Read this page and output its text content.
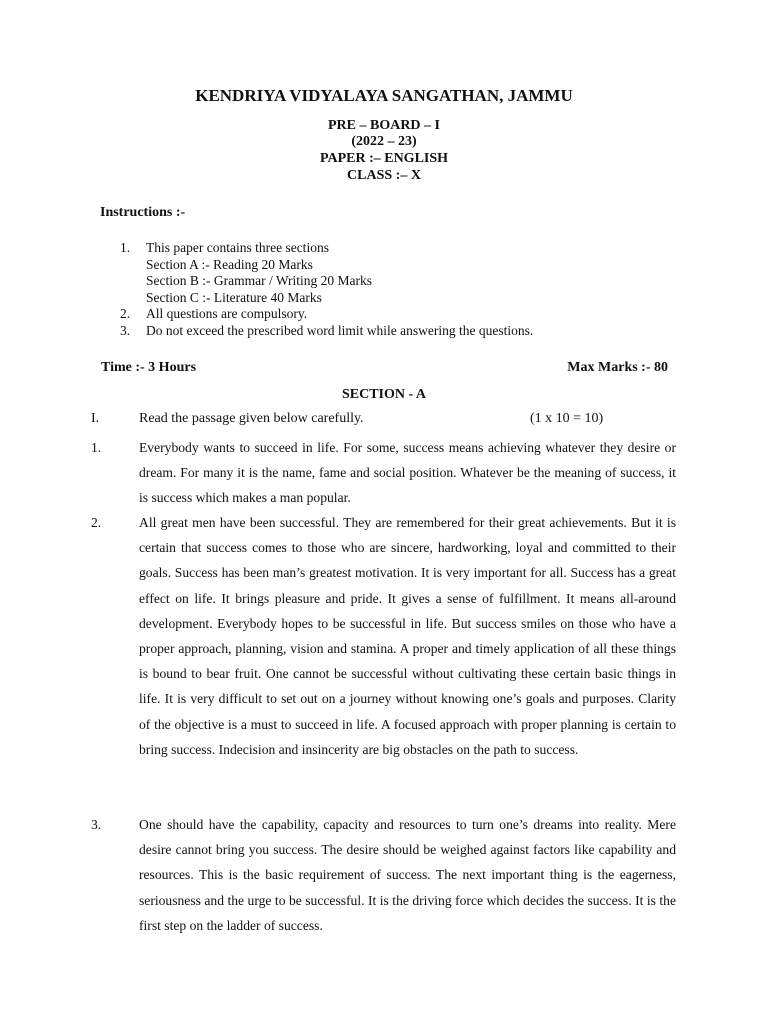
KENDRIYA VIDYALAYA SANGATHAN, JAMMU
PRE – BOARD – I
(2022 – 23)
PAPER :– ENGLISH
CLASS :– X
Instructions :-
1.	This paper contains three sections
Section A :- Reading 20 Marks
Section B :- Grammar / Writing 20 Marks
Section C :- Literature 40 Marks
2.	All questions are compulsory.
3.	Do not exceed the prescribed word limit while answering the questions.
Time :- 3 Hours	Max Marks :- 80
SECTION - A
I.	Read the passage given below carefully.	(1 x 10 = 10)
1.	Everybody wants to succeed in life. For some, success means achieving whatever they desire or dream. For many it is the name, fame and social position. Whatever be the meaning of success, it is success which makes a man popular.
2.	All great men have been successful. They are remembered for their great achievements. But it is certain that success comes to those who are sincere, hardworking, loyal and committed to their goals. Success has been man’s greatest motivation. It is very important for all. Success has a great effect on life. It brings pleasure and pride. It gives a sense of fulfillment. It means all-around development. Everybody hopes to be successful in life. But success smiles on those who have a proper approach, planning, vision and stamina. A proper and timely application of all these things is bound to bear fruit. One cannot be successful without cultivating these certain basic things in life. It is very difficult to set out on a journey without knowing one’s goals and purposes. Clarity of the objective is a must to succeed in life. A focused approach with proper planning is certain to bring success. Indecision and insincerity are big obstacles on the path to success.
3.	One should have the capability, capacity and resources to turn one’s dreams into reality. Mere desire cannot bring you success. The desire should be weighed against factors like capability and resources. This is the basic requirement of success. The next important thing is the eagerness, seriousness and the urge to be successful. It is the driving force which decides the success. It is the first step on the ladder of success.
